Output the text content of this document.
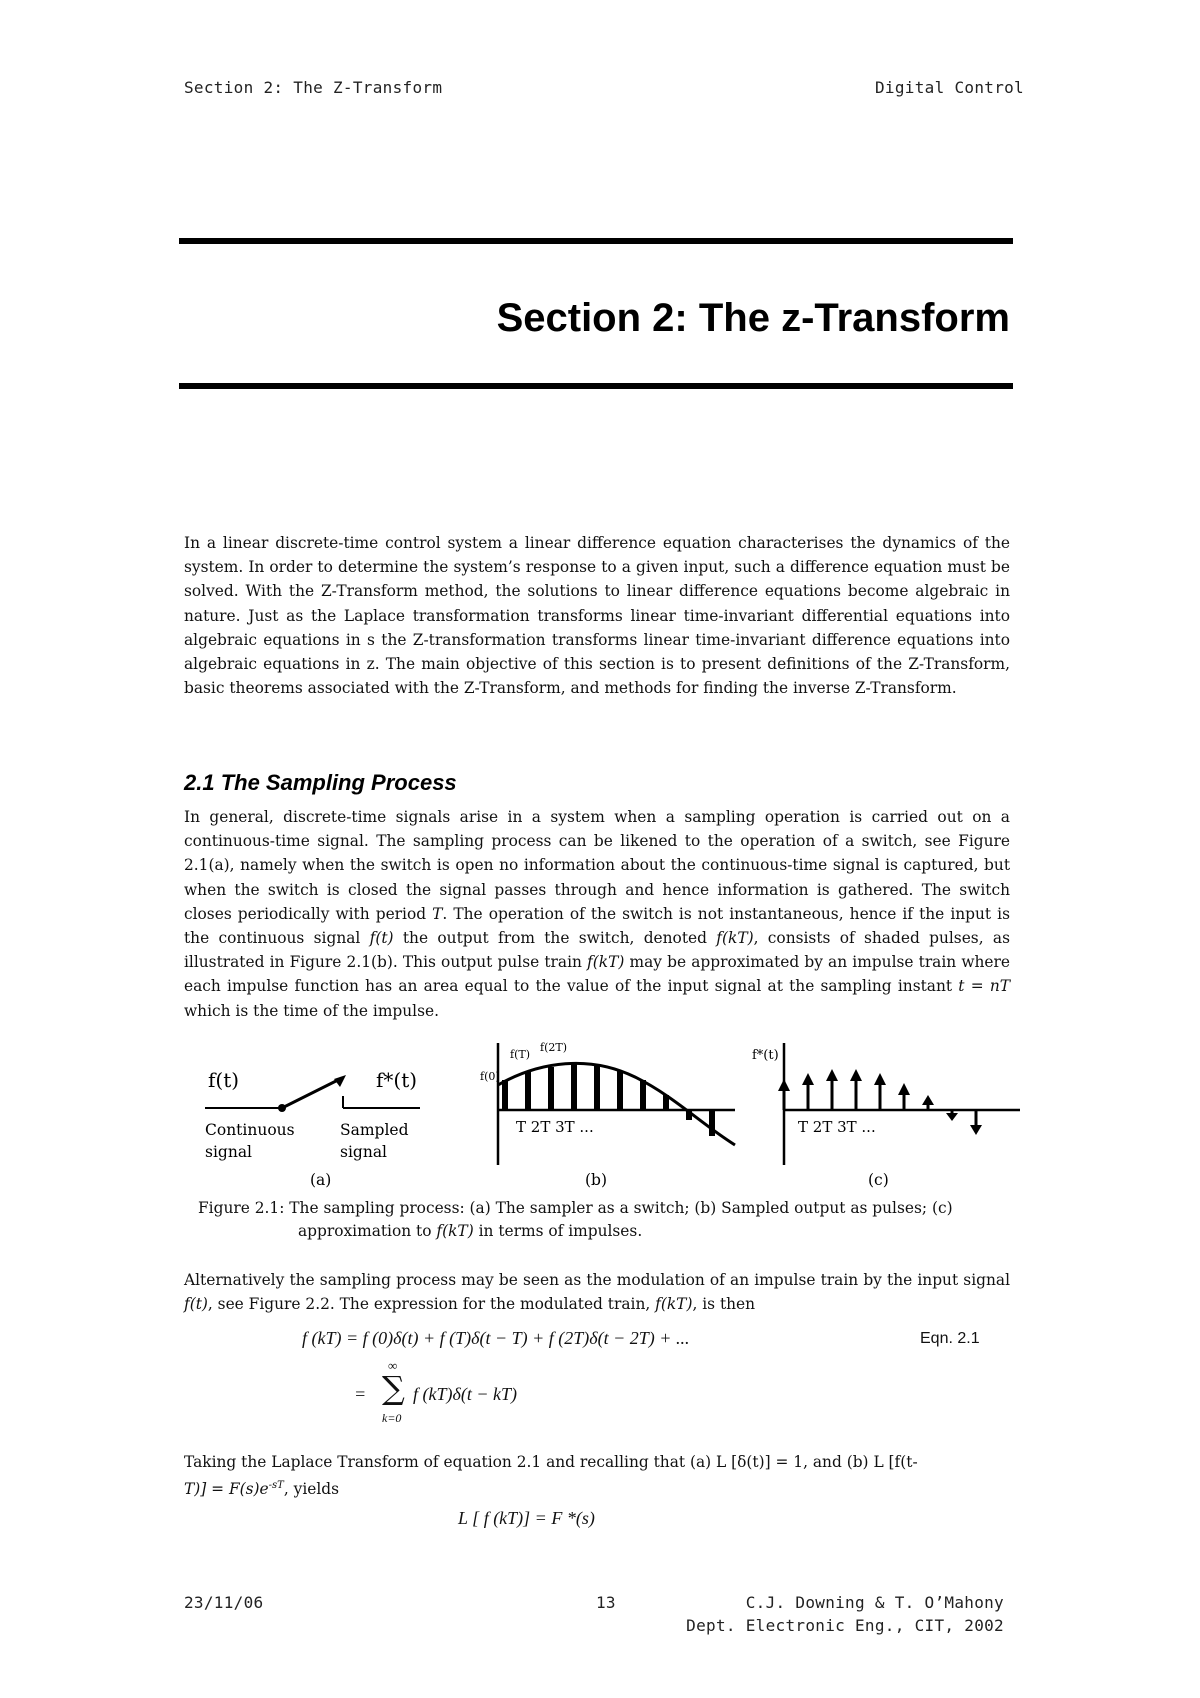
Section 2: The Z-Transform	Digital Control
Section 2: The z-Transform

In a linear discrete-time control system a linear difference equation characterises the dynamics of the system. In order to determine the system’s response to a given input, such a difference equation must be solved. With the Z-Transform method, the solutions to linear difference equations become algebraic in nature. Just as the Laplace transformation transforms linear time-invariant differential equations into algebraic equations in s the Z-transformation transforms linear time-invariant difference equations into algebraic equations in z. The main objective of this section is to present definitions of the Z-Transform, basic theorems associated with the Z-Transform, and methods for finding the inverse Z-Transform.

2.1 The Sampling Process

In general, discrete-time signals arise in a system when a sampling operation is carried out on a continuous-time signal. The sampling process can be likened to the operation of a switch, see Figure 2.1(a), namely when the switch is open no information about the continuous-time signal is captured, but when the switch is closed the signal passes through and hence information is gathered. The switch closes periodically with period T. The operation of the switch is not instantaneous, hence if the input is the continuous signal f(t) the output from the switch, denoted f(kT), consists of shaded pulses, as illustrated in Figure 2.1(b). This output pulse train f(kT) may be approximated by an impulse train where each impulse function has an area equal to the value of the input signal at the sampling instant t = nT which is the time of the impulse.

f(t)	f*(t)
Continuous
signal
Sampled
signal
(a)
f(0)
f(T)
f(2T)
T 2T 3T ...
(b)
f*(t)
T 2T 3T ...
(c)
Figure 2.1: The sampling process: (a) The sampler as a switch; (b) Sampled output as pulses; (c)
approximation to f(kT) in terms of impulses.

Alternatively the sampling process may be seen as the modulation of an impulse train by the input signal f(t), see Figure 2.2. The expression for the modulated train, f(kT), is then

f (kT) = f (0)δ(t) + f (T)δ(t − T) + f (2T)δ(t − 2T) + ...	Eqn. 2.1
=
∞
∑
k=0
f (kT)δ(t − kT)

Taking the Laplace Transform of equation 2.1 and recalling that (a) L [δ(t)] = 1, and (b) L [f(t-
$T)] = F(s)e^{-sT}$, yields

L [ f (kT)] = F *(s)
23/11/06	13	C.J. Downing & T. O’Mahony
Dept. Electronic Eng., CIT, 2002
